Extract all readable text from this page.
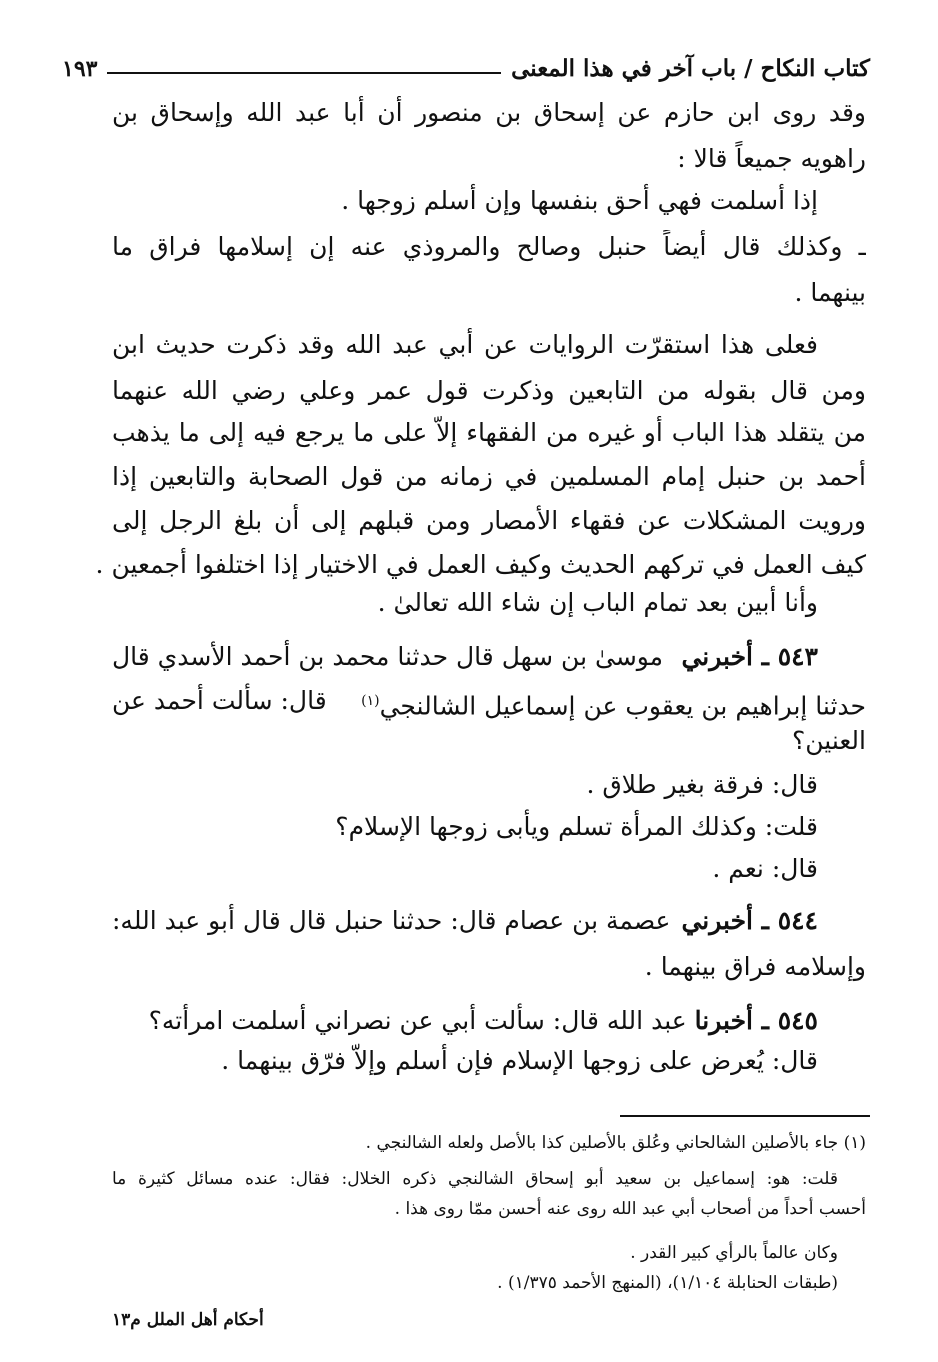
كتاب النكاح / باب آخر في هذا المعنى
١٩٣
وقد روى ابن حازم عن إسحاق بن منصور أن أبا عبد الله وإسحاق بن
راهويه جميعاً قالا :
إذا أسلمت فهي أحق بنفسها وإن أسلم زوجها .
ـ وكذلك قال أيضاً حنبل وصالح والمروذي عنه إن إسلامها فراق ما
بينهما .
فعلى هذا استقرّت الروايات عن أبي عبد الله وقد ذكرت حديث ابن
ومن قال بقوله من التابعين وذكرت قول عمر وعلي رضي الله عنهما
من يتقلد هذا الباب أو غيره من الفقهاء إلاّ على ما يرجع فيه إلى ما يذهب
أحمد بن حنبل إمام المسلمين في زمانه من قول الصحابة والتابعين إذا
ورويت المشكلات عن فقهاء الأمصار ومن قبلهم إلى أن بلغ الرجل إلى
كيف العمل في تركهم الحديث وكيف العمل في الاختيار إذا اختلفوا أجمعين .
وأنا أبين بعد تمام الباب إن شاء الله تعالىٰ .
٥٤٣ ـ أخبرني
موسىٰ بن سهل قال حدثنا محمد بن أحمد الأسدي قال
حدثنا إبراهيم بن يعقوب عن إسماعيل الشالنجي$^{(١)}$
قال: سألت أحمد عن
العنين؟
قال: فرقة بغير طلاق .
قلت: وكذلك المرأة تسلم ويأبى زوجها الإسلام؟
قال: نعم .
٥٤٤ ـ أخبرني
عصمة بن عصام قال: حدثنا حنبل قال قال أبو عبد الله:
وإسلامه فراق بينهما .
٥٤٥ ـ أخبرنا
عبد الله قال: سألت أبي عن نصراني أسلمت امرأته؟
قال: يُعرض على زوجها الإسلام فإن أسلم وإلاّ فرّق بينهما .
(١) جاء بالأصلين الشالحاني وعُلق بالأصلين كذا بالأصل ولعله الشالنجي .
قلت: هو: إسماعيل بن سعيد أبو إسحاق الشالنجي ذكره الخلال: فقال: عنده مسائل كثيرة ما
أحسب أحداً من أصحاب أبي عبد الله روى عنه أحسن ممّا روى هذا .
وكان عالماً بالرأي كبير القدر .
(طبقات الحنابلة ١/١٠٤)، (المنهج الأحمد ١/٣٧٥) .
أحكام أهل الملل م١٣
